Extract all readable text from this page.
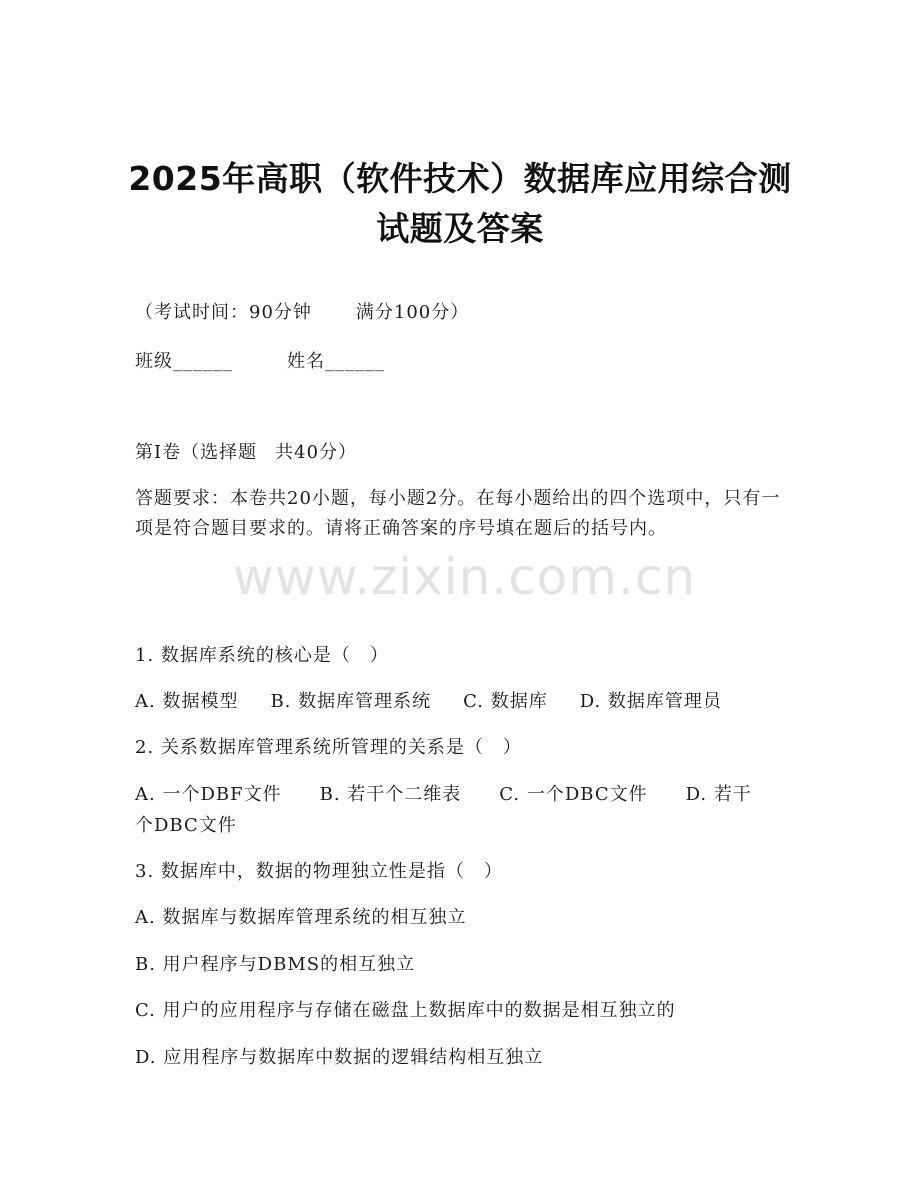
www.zixin.com.cn
2025年高职（软件技术）数据库应用综合测
试题及答案
（考试时间：90分钟 满分100分）
班级______	姓名______
第I卷（选择题 共40分）
答题要求：本卷共20小题，每小题2分。在每小题给出的四个选项中，只有一项是符合题目要求的。请将正确答案的序号填在题后的括号内。
1. 数据库系统的核心是（　）
A. 数据模型 B. 数据库管理系统 C. 数据库 D. 数据库管理员
2. 关系数据库管理系统所管理的关系是（　）
A. 一个DBF文件　　B. 若干个二维表　　C. 一个DBC文件　　D. 若干
个DBC文件
3. 数据库中，数据的物理独立性是指（　）
A. 数据库与数据库管理系统的相互独立
B. 用户程序与DBMS的相互独立
C. 用户的应用程序与存储在磁盘上数据库中的数据是相互独立的
D. 应用程序与数据库中数据的逻辑结构相互独立
